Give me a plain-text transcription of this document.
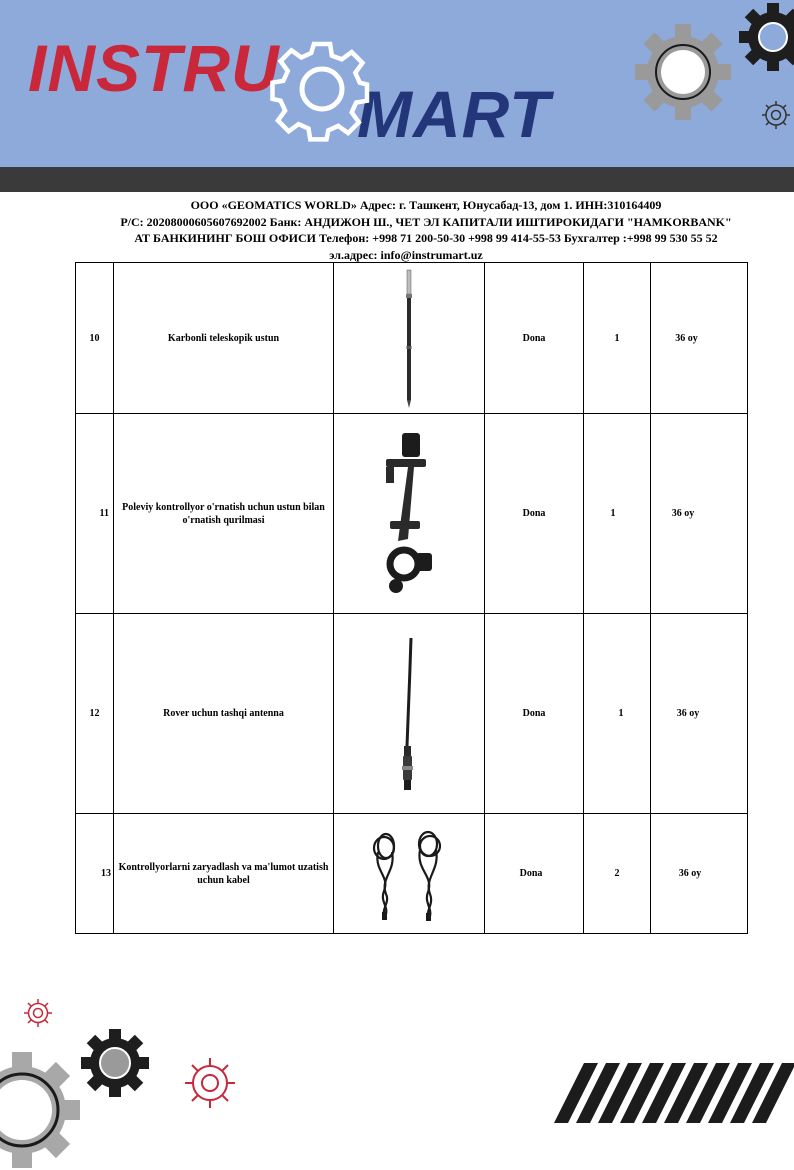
INSTRU
MART
ООО «GEOMATICS WORLD» Адрес: г. Ташкент, Юнусабад-13, дом 1. ИНН:310164409
Р/С: 20208000605607692002 Банк: АНДИЖОН Ш., ЧЕТ ЭЛ КАПИТАЛИ ИШТИРОКИДАГИ "HAMKORBANK"
АТ БАНКИНИНГ БОШ ОФИСИ Телефон: +998 71 200-50-30 +998 99 414-55-53 Бухгалтер :+998 99 530 55 52
эл.адрес: info@instrumart.uz
10	Karbonli teleskopik ustun		Dona	1	36 oy
11	Poleviy kontrollyor o'rnatish uchun ustun bilan o'rnatish qurilmasi		Dona	1	36 oy
12	Rover uchun tashqi antenna		Dona	1	36 oy
13	Kontrollyorlarni zaryadlash va ma'lumot uzatish uchun kabel		Dona	2	36 oy
